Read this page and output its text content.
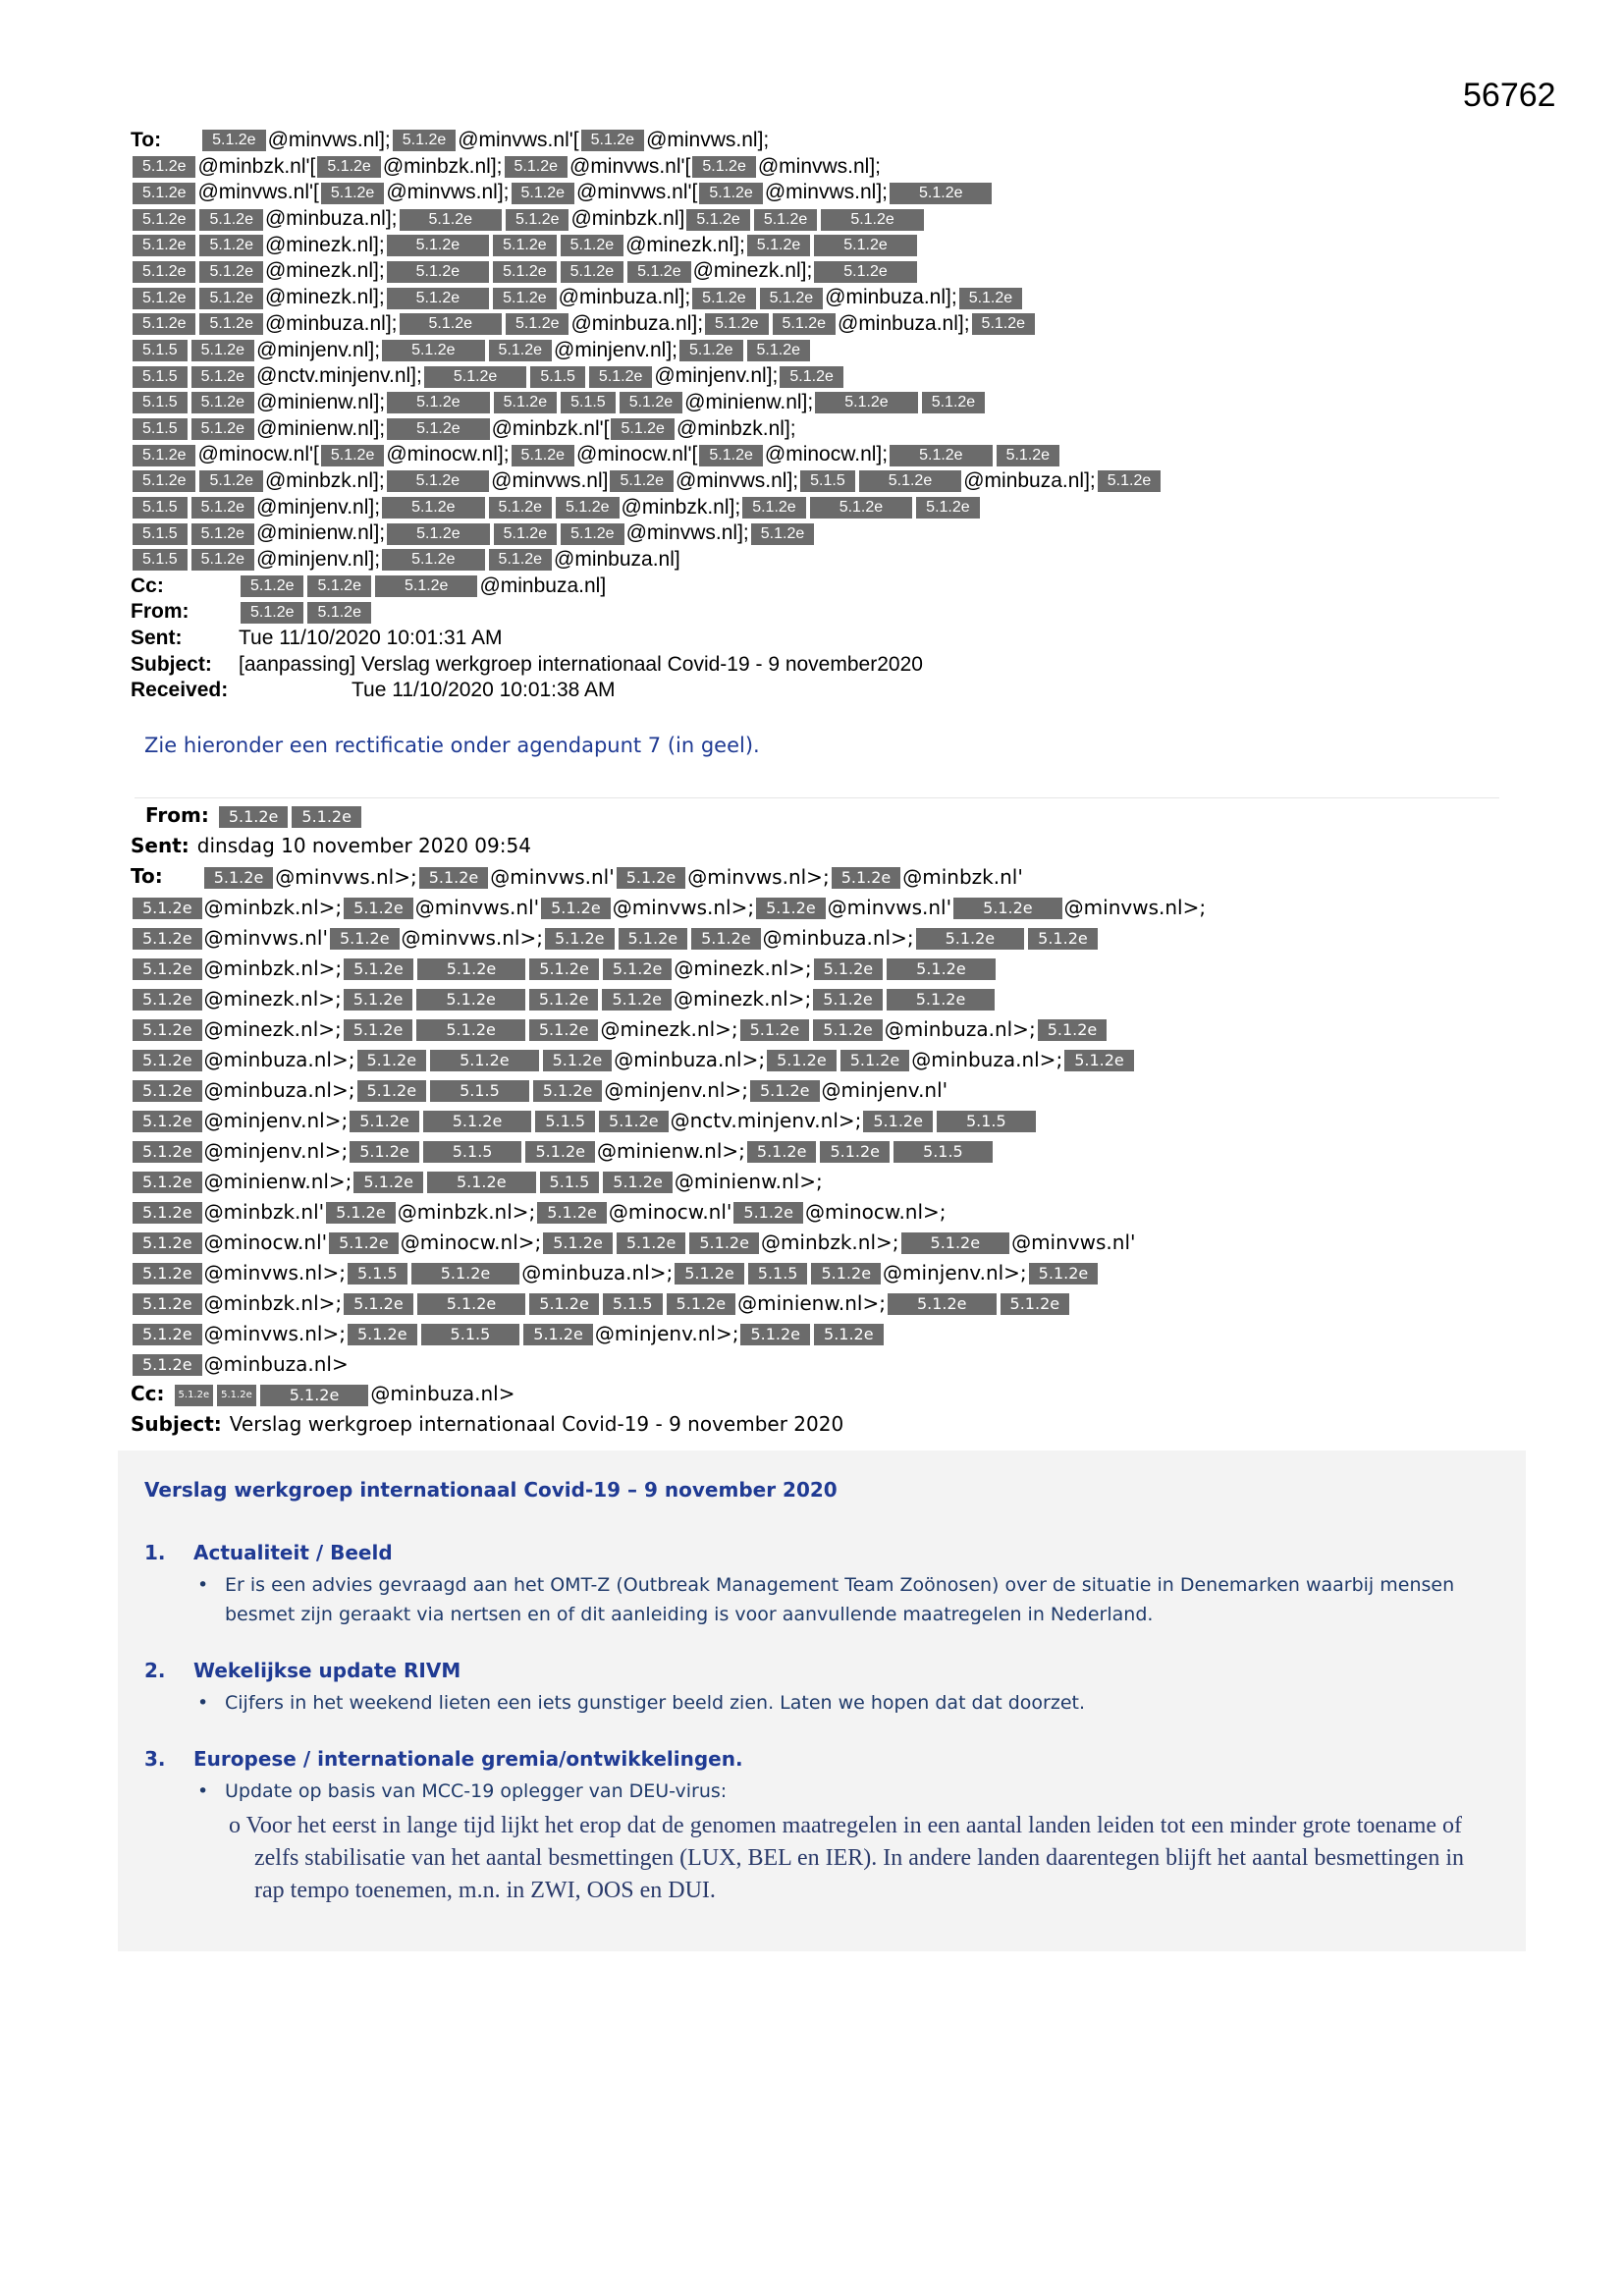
56762
To:	5.1.2e @minvws.nl]; 5.1.2e @minvws.nl'[ 5.1.2e @minvws.nl];
5.1.2e @minbzk.nl'[ 5.1.2e @minbzk.nl]; 5.1.2e @minvws.nl'[ 5.1.2e @minvws.nl];
5.1.2e @minvws.nl'[ 5.1.2e @minvws.nl]; 5.1.2e @minvws.nl'[ 5.1.2e @minvws.nl]; 5.1.2e
5.1.2e 5.1.2e @minbuza.nl]; 5.1.2e	5.1.2e @minbzk.nl] 5.1.2e 5.1.2e	5.1.2e
5.1.2e 5.1.2e @minezk.nl]; 5.1.2e	5.1.2e 5.1.2e @minezk.nl]; 5.1.2e	5.1.2e
5.1.2e 5.1.2e @minezk.nl]; 5.1.2e	5.1.2e 5.1.2e 5.1.2e @minezk.nl]; 5.1.2e
5.1.2e 5.1.2e @minezk.nl]; 5.1.2e	5.1.2e @minbuza.nl]; 5.1.2e 5.1.2e @minbuza.nl]; 5.1.2e
5.1.2e 5.1.2e @minbuza.nl]; 5.1.2e	5.1.2e @minbuza.nl]; 5.1.2e 5.1.2e @minbuza.nl]; 5.1.2e
5.1.5 5.1.2e @minjenv.nl]; 5.1.2e	5.1.2e @minjenv.nl]; 5.1.2e 5.1.2e
5.1.5 5.1.2e @nctv.minjenv.nl]; 5.1.2e	5.1.5 5.1.2e @minjenv.nl]; 5.1.2e
5.1.5 5.1.2e @minienw.nl]; 5.1.2e	5.1.2e 5.1.5 5.1.2e @minienw.nl]; 5.1.2e	5.1.2e
5.1.5 5.1.2e @minienw.nl]; 5.1.2e @minbzk.nl'[ 5.1.2e @minbzk.nl];
5.1.2e @minocw.nl'[ 5.1.2e @minocw.nl]; 5.1.2e @minocw.nl'[ 5.1.2e @minocw.nl]; 5.1.2e	5.1.2e
5.1.2e 5.1.2e @minbzk.nl]; 5.1.2e @minvws.nl] 5.1.2e @minvws.nl]; 5.1.5	5.1.2e @minbuza.nl]; 5.1.2e
5.1.5 5.1.2e @minjenv.nl]; 5.1.2e	5.1.2e 5.1.2e @minbzk.nl]; 5.1.2e	5.1.2e	5.1.2e
5.1.5 5.1.2e @minienw.nl]; 5.1.2e	5.1.2e 5.1.2e @minvws.nl]; 5.1.2e
5.1.5 5.1.2e @minjenv.nl]; 5.1.2e	5.1.2e @minbuza.nl]
Cc:	5.1.2e 5.1.2e	5.1.2e @minbuza.nl]
From:	5.1.2e 5.1.2e
Sent:	Tue 11/10/2020 10:01:31 AM
Subject: [aanpassing] Verslag werkgroep internationaal Covid-19 - 9 november2020
Received:	Tue 11/10/2020 10:01:38 AM
Zie hieronder een rectificatie onder agendapunt 7 (in geel).
From: 5.1.2e 5.1.2e
Sent: dinsdag 10 november 2020 09:54
To:	5.1.2e @minvws.nl>; 5.1.2e @minvws.nl' 5.1.2e @minvws.nl>; 5.1.2e @minbzk.nl'
5.1.2e @minbzk.nl>; 5.1.2e @minvws.nl' 5.1.2e @minvws.nl>; 5.1.2e @minvws.nl' 5.1.2e @minvws.nl>;
5.1.2e @minvws.nl' 5.1.2e @minvws.nl>; 5.1.2e 5.1.2e 5.1.2e @minbuza.nl>; 5.1.2e	5.1.2e
5.1.2e @minbzk.nl>; 5.1.2e	5.1.2e	5.1.2e 5.1.2e @minezk.nl>; 5.1.2e	5.1.2e
5.1.2e @minezk.nl>; 5.1.2e	5.1.2e	5.1.2e 5.1.2e @minezk.nl>; 5.1.2e	5.1.2e
5.1.2e @minezk.nl>; 5.1.2e	5.1.2e	5.1.2e @minezk.nl>; 5.1.2e 5.1.2e @minbuza.nl>; 5.1.2e
5.1.2e @minbuza.nl>; 5.1.2e	5.1.2e	5.1.2e @minbuza.nl>; 5.1.2e 5.1.2e @minbuza.nl>; 5.1.2e
5.1.2e @minbuza.nl>; 5.1.2e	5.1.5	5.1.2e @minjenv.nl>; 5.1.2e @minjenv.nl'
5.1.2e @minjenv.nl>; 5.1.2e	5.1.2e	5.1.5 5.1.2e @nctv.minjenv.nl>; 5.1.2e	5.1.5
5.1.2e @minjenv.nl>; 5.1.2e	5.1.5	5.1.2e @minienw.nl>; 5.1.2e 5.1.2e	5.1.5
5.1.2e @minienw.nl>; 5.1.2e	5.1.2e	5.1.5 5.1.2e @minienw.nl>;
5.1.2e @minbzk.nl' 5.1.2e @minbzk.nl>; 5.1.2e @minocw.nl' 5.1.2e @minocw.nl>;
5.1.2e @minocw.nl' 5.1.2e @minocw.nl>; 5.1.2e 5.1.2e 5.1.2e @minbzk.nl>; 5.1.2e @minvws.nl'
5.1.2e @minvws.nl>; 5.1.5	5.1.2e @minbuza.nl>; 5.1.2e 5.1.5 5.1.2e @minjenv.nl>; 5.1.2e
5.1.2e @minbzk.nl>; 5.1.2e	5.1.2e	5.1.2e 5.1.5 5.1.2e @minienw.nl>; 5.1.2e	5.1.2e
5.1.2e @minvws.nl>; 5.1.2e	5.1.5	5.1.2e @minjenv.nl>; 5.1.2e 5.1.2e
5.1.2e @minbuza.nl>
Cc: 5.1.2e 5.1.2e 5.1.2e @minbuza.nl>
Subject: Verslag werkgroep internationaal Covid-19 - 9 november 2020
Verslag werkgroep internationaal Covid-19 – 9 november 2020
1.	Actualiteit / Beeld
• Er is een advies gevraagd aan het OMT-Z (Outbreak Management Team Zoönosen) over de situatie in Denemarken waarbij mensen besmet zijn geraakt via nertsen en of dit aanleiding is voor aanvullende maatregelen in Nederland.
2.	Wekelijkse update RIVM
• Cijfers in het weekend lieten een iets gunstiger beeld zien. Laten we hopen dat dat doorzet.
3.	Europese / internationale gremia/ontwikkelingen.
• Update op basis van MCC-19 oplegger van DEU-virus:
o Voor het eerst in lange tijd lijkt het erop dat de genomen maatregelen in een aantal landen leiden tot een minder grote toename of zelfs stabilisatie van het aantal besmettingen (LUX, BEL en IER). In andere landen daarentegen blijft het aantal besmettingen in rap tempo toenemen, m.n. in ZWI, OOS en DUI.
